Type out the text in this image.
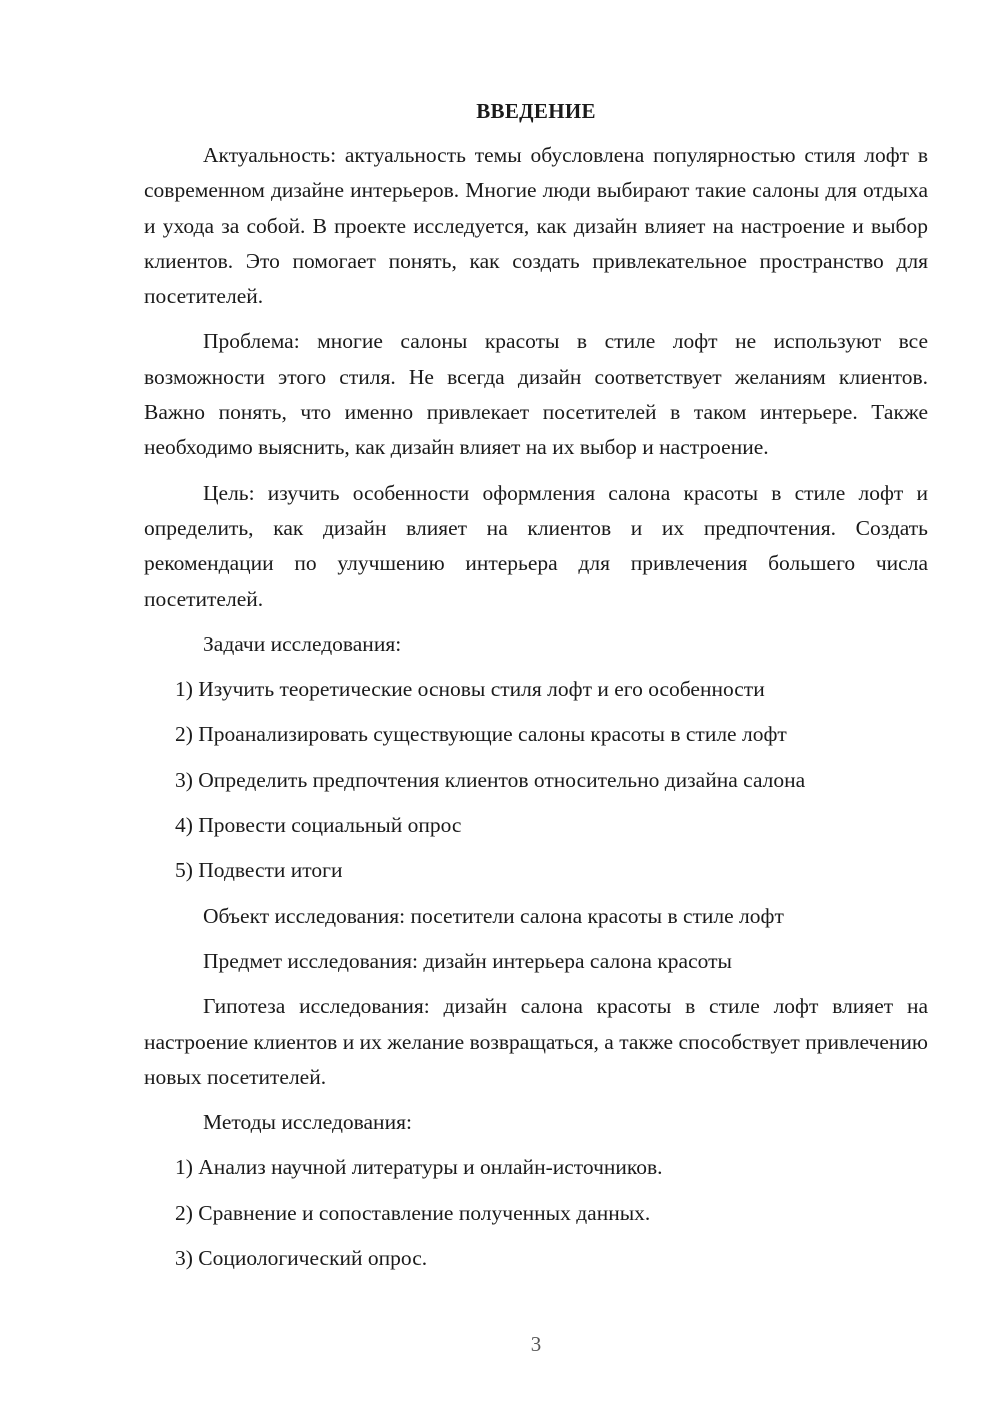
ВВЕДЕНИЕ

Актуальность: актуальность темы обусловлена популярностью стиля лофт в современном дизайне интерьеров. Многие люди выбирают такие салоны для отдыха и ухода за собой. В проекте исследуется, как дизайн влияет на настроение и выбор клиентов. Это помогает понять, как создать привлекательное пространство для посетителей.

Проблема: многие салоны красоты в стиле лофт не используют все возможности этого стиля. Не всегда дизайн соответствует желаниям клиентов. Важно понять, что именно привлекает посетителей в таком интерьере. Также необходимо выяснить, как дизайн влияет на их выбор и настроение.

Цель: изучить особенности оформления салона красоты в стиле лофт и определить, как дизайн влияет на клиентов и их предпочтения. Создать рекомендации по улучшению интерьера для привлечения большего числа посетителей.

Задачи исследования:

1) Изучить теоретические основы стиля лофт и его особенности
2) Проанализировать существующие салоны красоты в стиле лофт
3) Определить предпочтения клиентов относительно дизайна салона
4) Провести социальный опрос
5) Подвести итоги

Объект исследования: посетители салона красоты в стиле лофт

Предмет исследования: дизайн интерьера салона красоты

Гипотеза исследования: дизайн салона красоты в стиле лофт влияет на настроение клиентов и их желание возвращаться, а также способствует привлечению новых посетителей.

Методы исследования:

1) Анализ научной литературы и онлайн-источников.
2) Сравнение и сопоставление полученных данных.
3) Социологический опрос.
3
